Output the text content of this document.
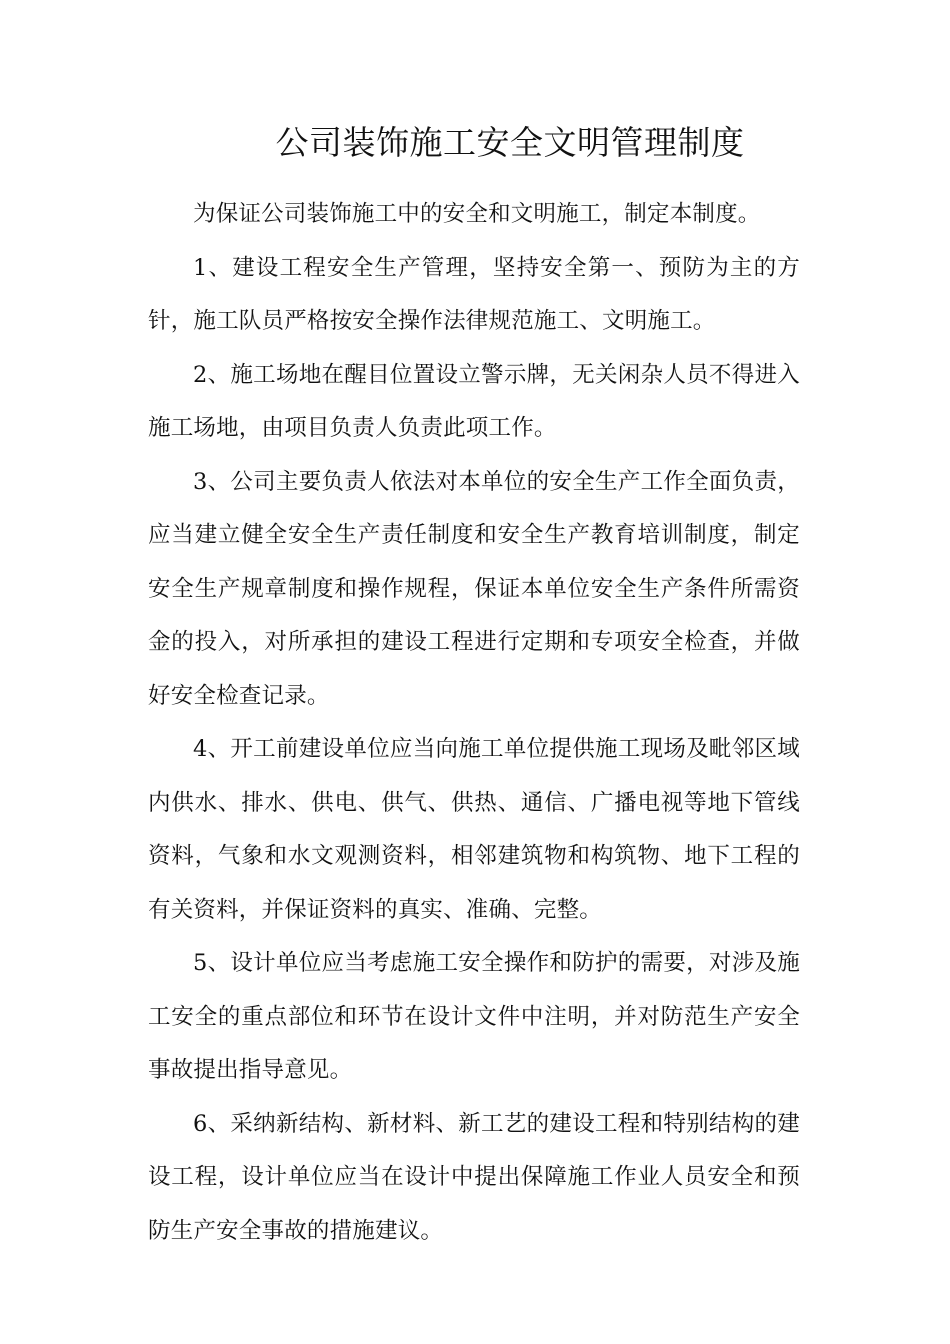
公司装饰施工安全文明管理制度

为保证公司装饰施工中的安全和文明施工，制定本制度。

1、建设工程安全生产管理，坚持安全第一、预防为主的方针，施工队员严格按安全操作法律规范施工、文明施工。

2、施工场地在醒目位置设立警示牌，无关闲杂人员不得进入施工场地，由项目负责人负责此项工作。

3、公司主要负责人依法对本单位的安全生产工作全面负责，应当建立健全安全生产责任制度和安全生产教育培训制度，制定安全生产规章制度和操作规程，保证本单位安全生产条件所需资金的投入，对所承担的建设工程进行定期和专项安全检查，并做好安全检查记录。

4、开工前建设单位应当向施工单位提供施工现场及毗邻区域内供水、排水、供电、供气、供热、通信、广播电视等地下管线资料，气象和水文观测资料，相邻建筑物和构筑物、地下工程的有关资料，并保证资料的真实、准确、完整。

5、设计单位应当考虑施工安全操作和防护的需要，对涉及施工安全的重点部位和环节在设计文件中注明，并对防范生产安全事故提出指导意见。

6、采纳新结构、新材料、新工艺的建设工程和特别结构的建设工程，设计单位应当在设计中提出保障施工作业人员安全和预防生产安全事故的措施建议。
